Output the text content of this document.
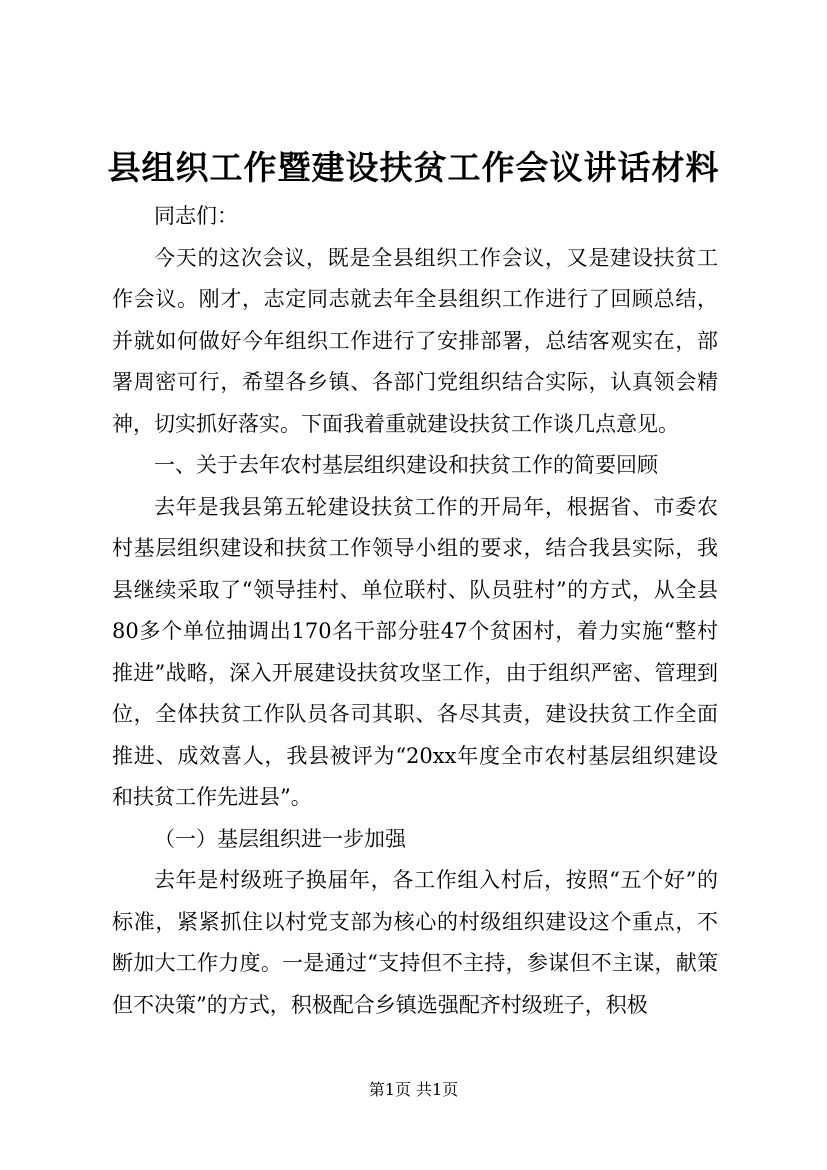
县组织工作暨建设扶贫工作会议讲话材料

同志们：

今天的这次会议，既是全县组织工作会议，又是建设扶贫工作会议。刚才，志定同志就去年全县组织工作进行了回顾总结，并就如何做好今年组织工作进行了安排部署，总结客观实在，部署周密可行，希望各乡镇、各部门党组织结合实际，认真领会精神，切实抓好落实。下面我着重就建设扶贫工作谈几点意见。

一、关于去年农村基层组织建设和扶贫工作的简要回顾

去年是我县第五轮建设扶贫工作的开局年，根据省、市委农村基层组织建设和扶贫工作领导小组的要求，结合我县实际，我县继续采取了“领导挂村、单位联村、队员驻村”的方式，从全县80多个单位抽调出170名干部分驻47个贫困村，着力实施“整村推进”战略，深入开展建设扶贫攻坚工作，由于组织严密、管理到位，全体扶贫工作队员各司其职、各尽其责，建设扶贫工作全面推进、成效喜人，我县被评为“20xx年度全市农村基层组织建设和扶贫工作先进县”。

（一）基层组织进一步加强

去年是村级班子换届年，各工作组入村后，按照“五个好”的标准，紧紧抓住以村党支部为核心的村级组织建设这个重点，不断加大工作力度。一是通过“支持但不主持，参谋但不主谋，献策但不决策”的方式，积极配合乡镇选强配齐村级班子，积极

第1页 共1页
